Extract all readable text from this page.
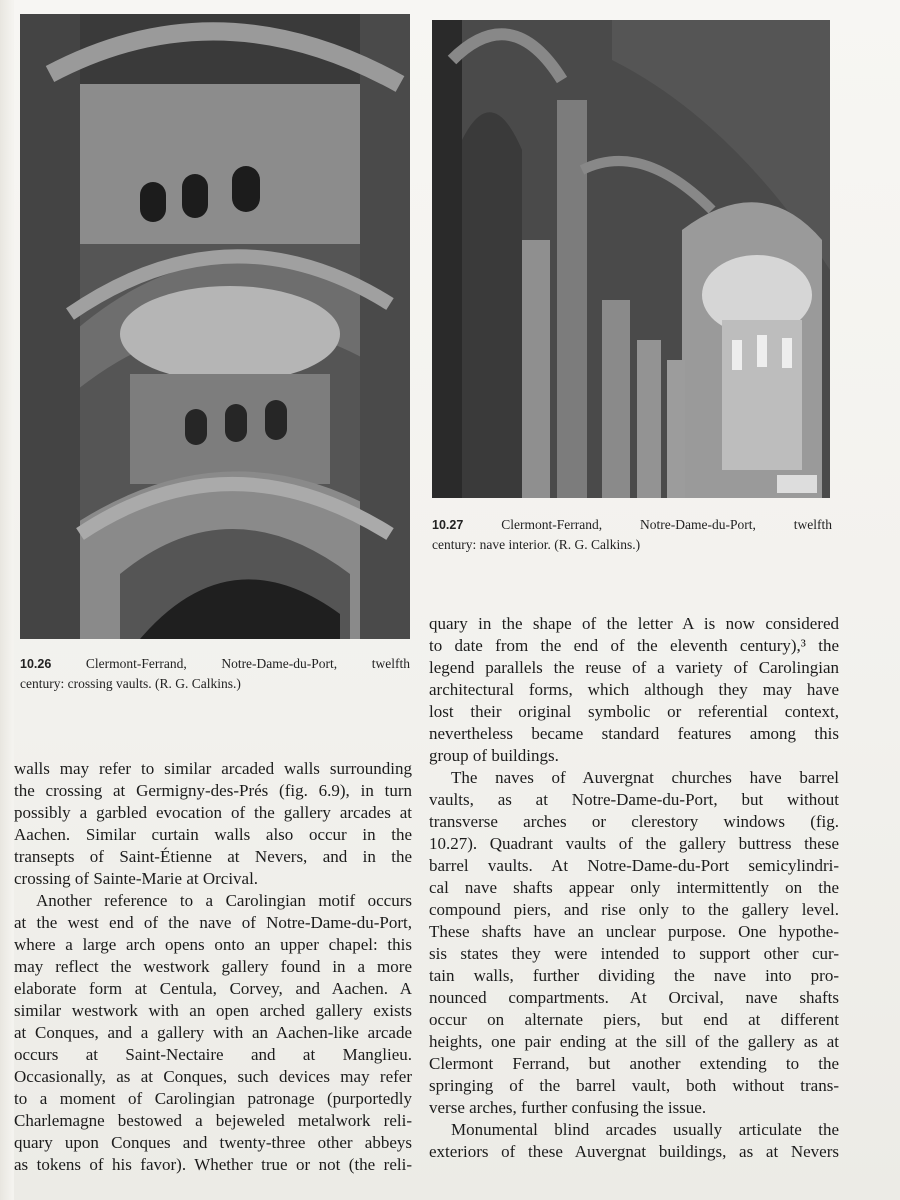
10.27	Clermont-Ferrand, Notre-Dame-du-Port, twelfth
century: nave interior. (R. G. Calkins.)
10.26	Clermont-Ferrand, Notre-Dame-du-Port, twelfth
century: crossing vaults. (R. G. Calkins.)
quary in the shape of the letter A is now considered
to date from the end of the eleventh century),³ the
legend parallels the reuse of a variety of Carolingian
architectural forms, which although they may have
lost their original symbolic or referential context,
nevertheless became standard features among this
group of buildings.
The naves of Auvergnat churches have barrel
vaults, as at Notre-Dame-du-Port, but without
transverse arches or clerestory windows (fig.
10.27). Quadrant vaults of the gallery buttress these
barrel vaults. At Notre-Dame-du-Port semicylindri-
cal nave shafts appear only intermittently on the
compound piers, and rise only to the gallery level.
These shafts have an unclear purpose. One hypothe-
sis states they were intended to support other cur-
tain walls, further dividing the nave into pro-
nounced compartments. At Orcival, nave shafts
occur on alternate piers, but end at different
heights, one pair ending at the sill of the gallery as at
Clermont Ferrand, but another extending to the
springing of the barrel vault, both without trans-
verse arches, further confusing the issue.
Monumental blind arcades usually articulate the
exteriors of these Auvergnat buildings, as at Nevers
walls may refer to similar arcaded walls surrounding
the crossing at Germigny-des-Prés (fig. 6.9), in turn
possibly a garbled evocation of the gallery arcades at
Aachen. Similar curtain walls also occur in the
transepts of Saint-Étienne at Nevers, and in the
crossing of Sainte-Marie at Orcival.
Another reference to a Carolingian motif occurs
at the west end of the nave of Notre-Dame-du-Port,
where a large arch opens onto an upper chapel: this
may reflect the westwork gallery found in a more
elaborate form at Centula, Corvey, and Aachen. A
similar westwork with an open arched gallery exists
at Conques, and a gallery with an Aachen-like arcade
occurs at Saint-Nectaire and at Manglieu.
Occasionally, as at Conques, such devices may refer
to a moment of Carolingian patronage (purportedly
Charlemagne bestowed a bejeweled metalwork reli-
quary upon Conques and twenty-three other abbeys
as tokens of his favor). Whether true or not (the reli-
